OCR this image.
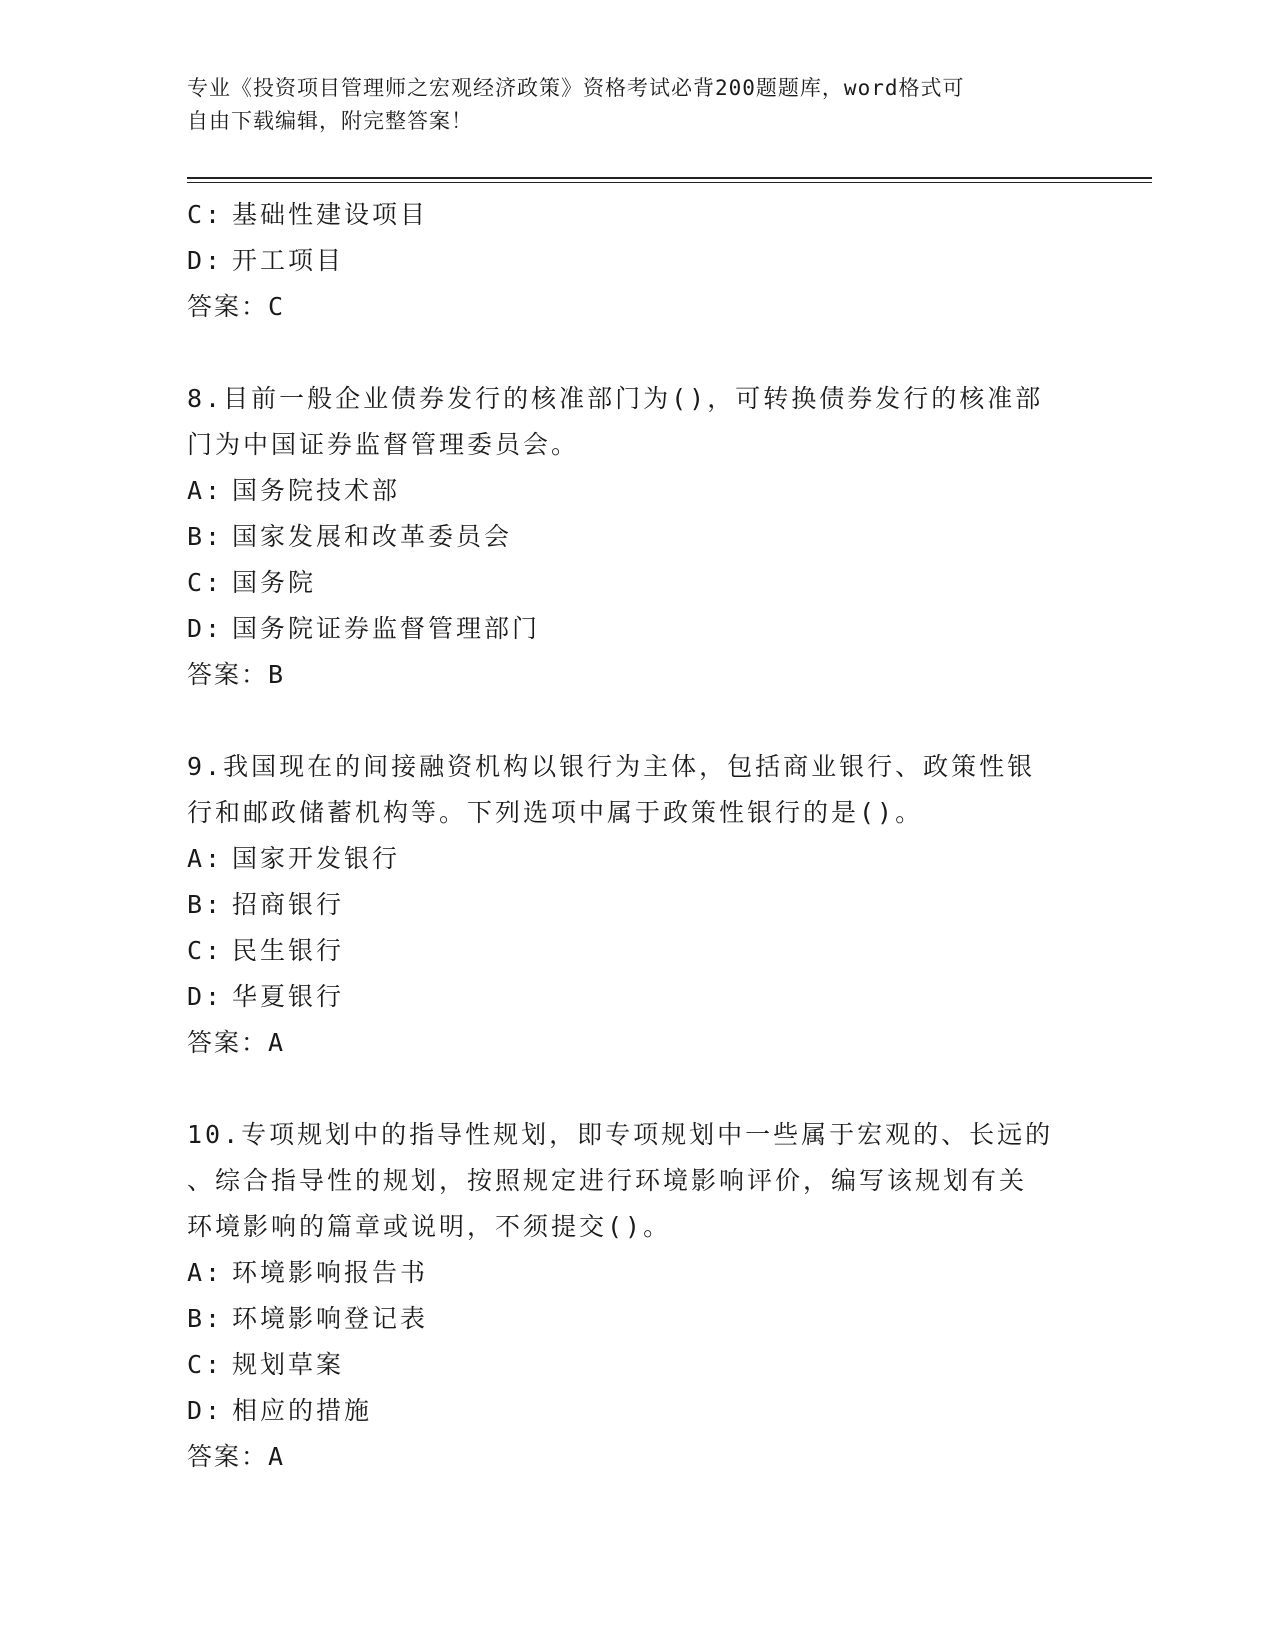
专业《投资项目管理师之宏观经济政策》资格考试必背200题题库，word格式可
自由下载编辑，附完整答案！
C: 基础性建设项目
D: 开工项目
答案：C
8.目前一般企业债券发行的核准部门为()，可转换债券发行的核准部
门为中国证券监督管理委员会。
A: 国务院技术部
B: 国家发展和改革委员会
C: 国务院
D: 国务院证券监督管理部门
答案：B
9.我国现在的间接融资机构以银行为主体，包括商业银行、政策性银
行和邮政储蓄机构等。下列选项中属于政策性银行的是()。
A: 国家开发银行
B: 招商银行
C: 民生银行
D: 华夏银行
答案：A
10.专项规划中的指导性规划，即专项规划中一些属于宏观的、长远的
、综合指导性的规划，按照规定进行环境影响评价，编写该规划有关
环境影响的篇章或说明，不须提交()。
A: 环境影响报告书
B: 环境影响登记表
C: 规划草案
D: 相应的措施
答案：A
